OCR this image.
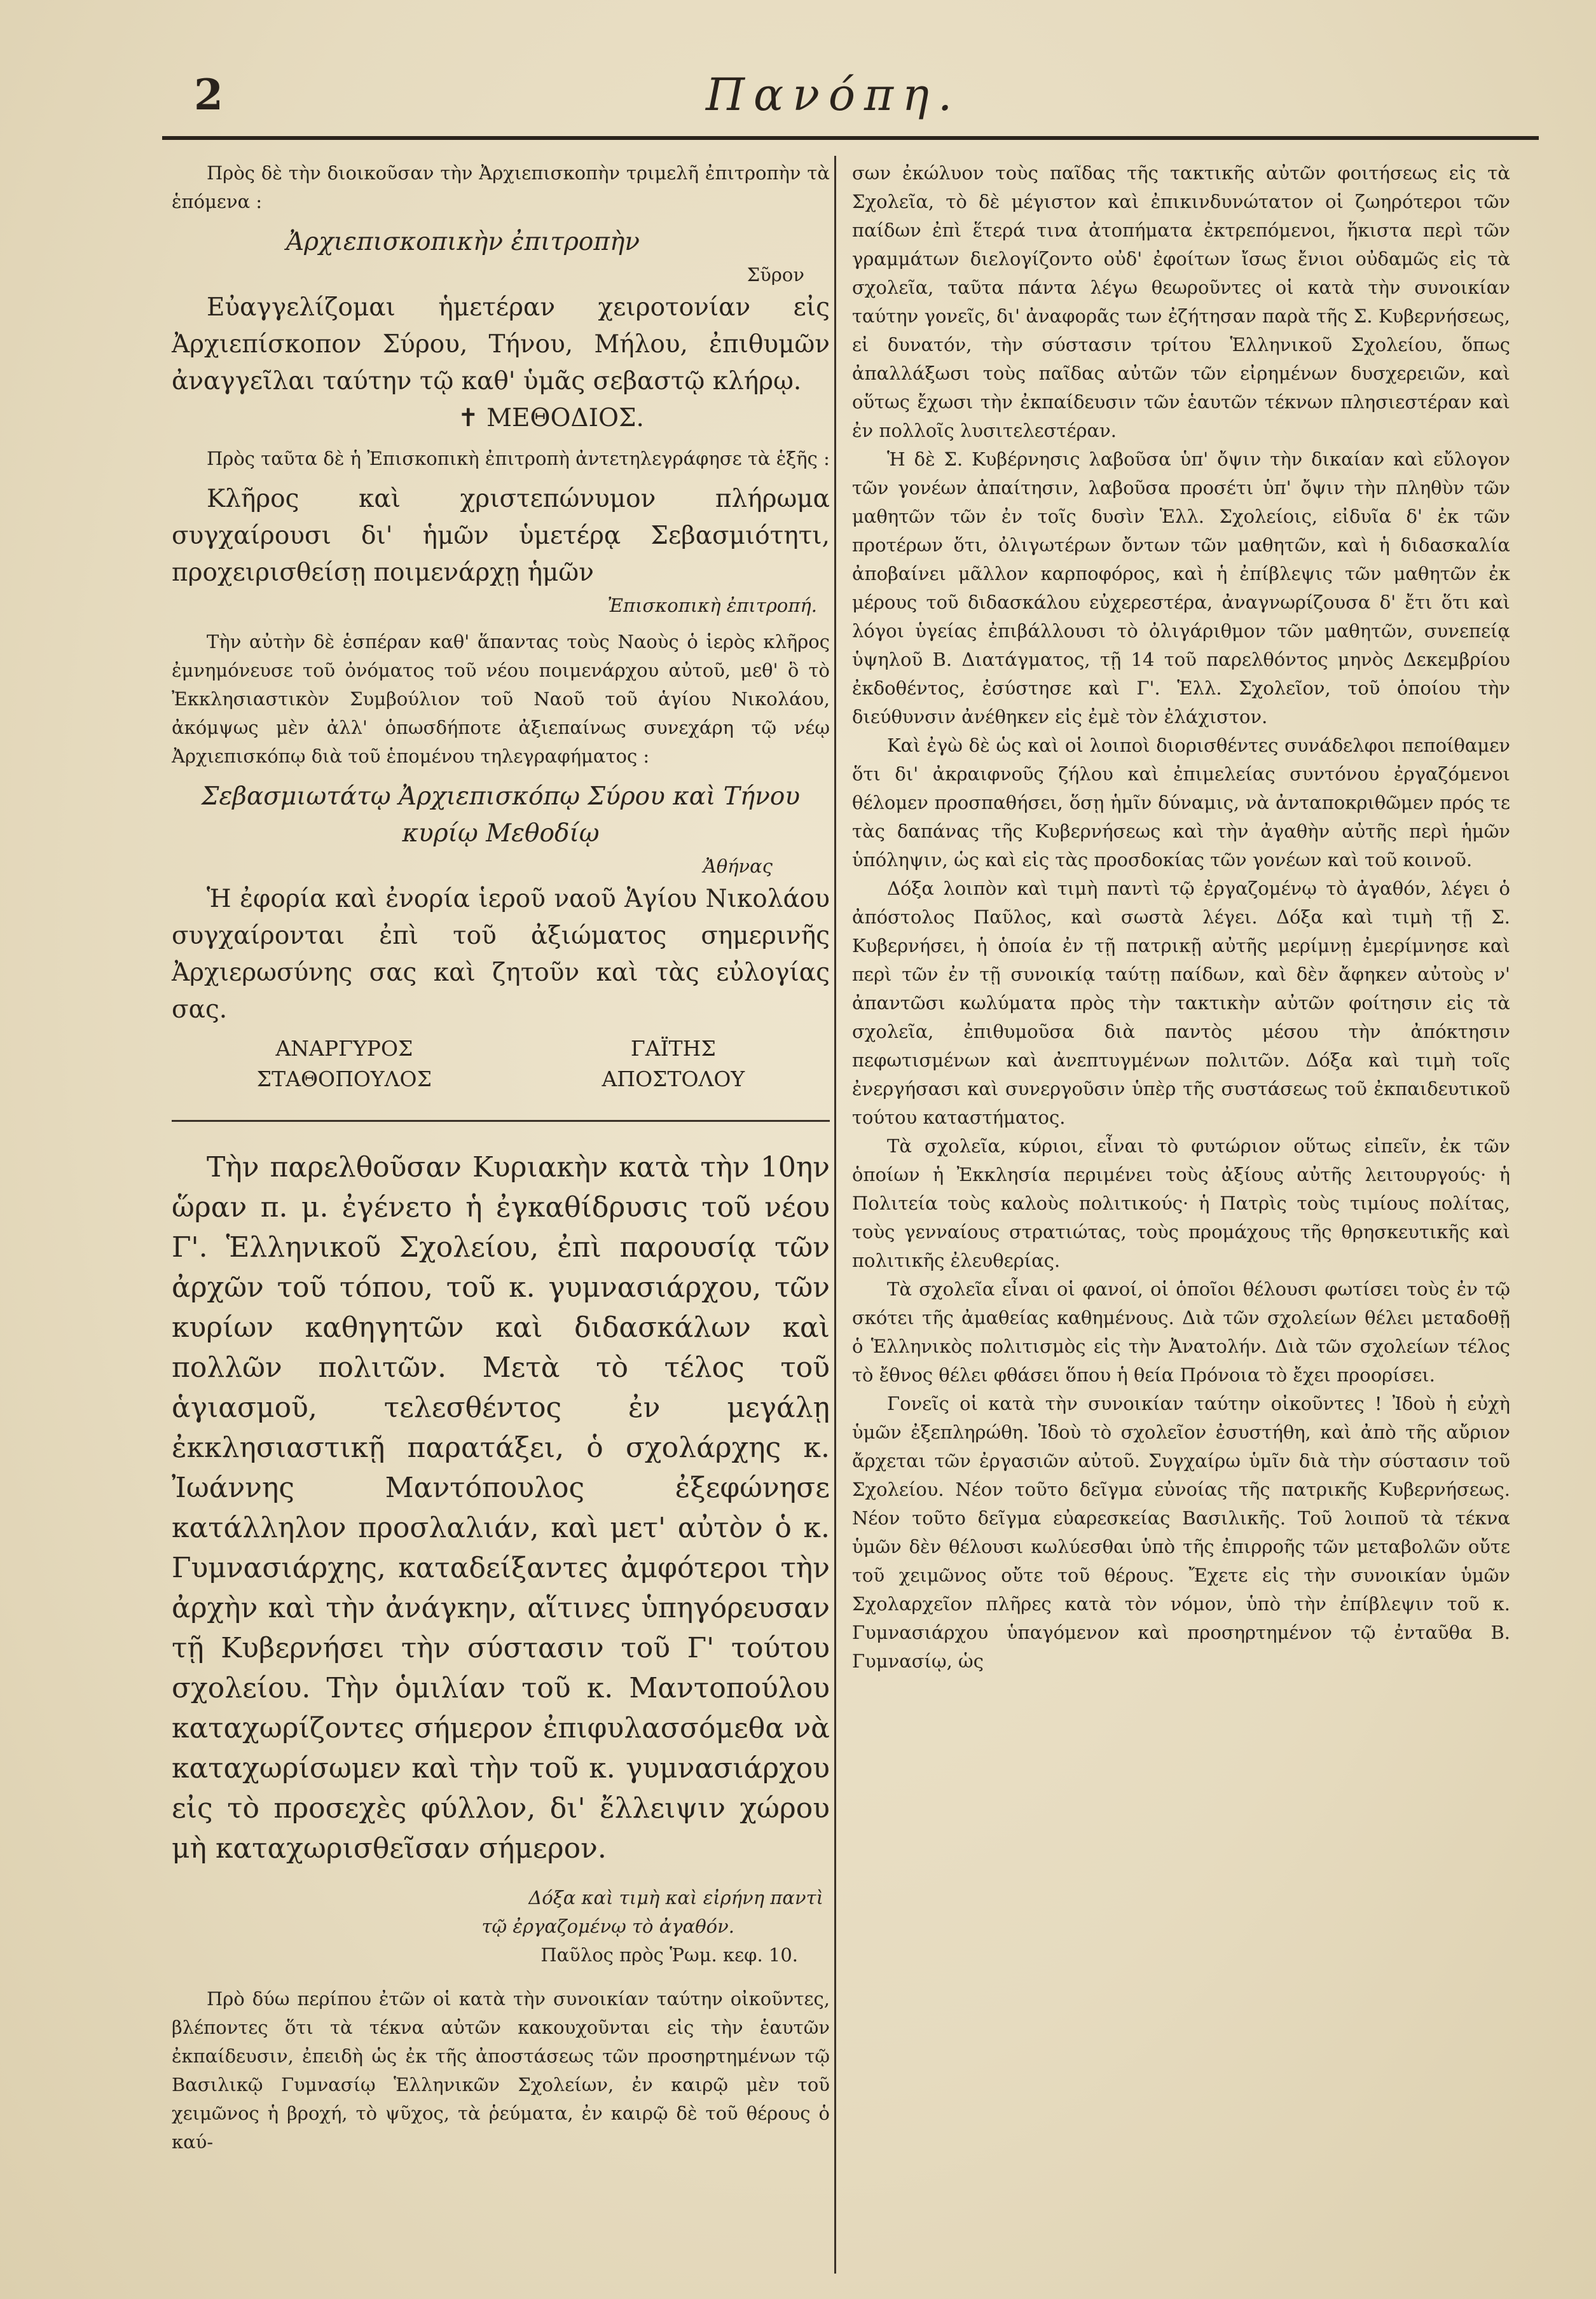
2	Πανόπη.

Πρὸς δὲ τὴν διοικοῦσαν τὴν Ἀρχιεπισκοπὴν τριμελῆ ἐπιτροπὴν τὰ ἑπόμενα :

Ἀρχιεπισκοπικὴν ἐπιτροπὴν

Σῦρον

Εὐαγγελίζομαι ἡμετέραν χειροτονίαν εἰς Ἀρχιεπίσκοπον Σύρου, Τήνου, Μήλου, ἐπιθυμῶν ἀναγγεῖλαι ταύτην τῷ καθ' ὑμᾶς σεβαστῷ κλήρῳ.

✝ ΜΕΘΟΔΙΟΣ.

Πρὸς ταῦτα δὲ ἡ Ἐπισκοπικὴ ἐπιτροπὴ ἀντετηλεγράφησε τὰ ἑξῆς :

Κλῆρος καὶ χριστεπώνυμον πλήρωμα συγχαίρουσι δι' ἡμῶν ὑμετέρᾳ Σεβασμιότητι, προχειρισθείσῃ ποιμενάρχῃ ἡμῶν

Ἐπισκοπικὴ ἐπιτροπή.

Τὴν αὐτὴν δὲ ἑσπέραν καθ' ἅπαντας τοὺς Ναοὺς ὁ ἱερὸς κλῆρος ἐμνημόνευσε τοῦ ὀνόματος τοῦ νέου ποιμενάρχου αὐτοῦ, μεθ' ὃ τὸ Ἐκκλησιαστικὸν Συμβούλιον τοῦ Ναοῦ τοῦ ἁγίου Νικολάου, ἀκόμψως μὲν ἀλλ' ὁπωσδήποτε ἀξιεπαίνως συνεχάρη τῷ νέῳ Ἀρχιεπισκόπῳ διὰ τοῦ ἑπομένου τηλεγραφήματος :

Σεβασμιωτάτῳ Ἀρχιεπισκόπῳ Σύρου καὶ Τήνου

κυρίῳ Μεθοδίῳ

Ἀθήνας

Ἡ ἐφορία καὶ ἐνορία ἱεροῦ ναοῦ Ἁγίου Νικολάου συγχαίρονται ἐπὶ τοῦ ἀξιώματος σημερινῆς Ἀρχιερωσύνης σας καὶ ζητοῦν καὶ τὰς εὐλογίας σας.

ΑΝΑΡΓΥΡΟΣ
ΣΤΑΘΟΠΟΥΛΟΣ
ΓΑΪΤΗΣ
ΑΠΟΣΤΟΛΟΥ

Τὴν παρελθοῦσαν Κυριακὴν κατὰ τὴν 10ην ὥραν π. μ. ἐγένετο ἡ ἐγκαθίδρυσις τοῦ νέου Γ'. Ἑλληνικοῦ Σχολείου, ἐπὶ παρουσίᾳ τῶν ἀρχῶν τοῦ τόπου, τοῦ κ. γυμνασιάρχου, τῶν κυρίων καθηγητῶν καὶ διδασκάλων καὶ πολλῶν πολιτῶν. Μετὰ τὸ τέλος τοῦ ἁγιασμοῦ, τελεσθέντος ἐν μεγάλῃ ἐκκλησιαστικῇ παρατάξει, ὁ σχολάρχης κ. Ἰωάννης Μαντόπουλος ἐξεφώνησε κατάλληλον προσλαλιάν, καὶ μετ' αὐτὸν ὁ κ. Γυμνασιάρχης, καταδείξαντες ἀμφότεροι τὴν ἀρχὴν καὶ τὴν ἀνάγκην, αἵτινες ὑπηγόρευσαν τῇ Κυβερνήσει τὴν σύστασιν τοῦ Γ' τούτου σχολείου. Τὴν ὁμιλίαν τοῦ κ. Μαντοπούλου καταχωρίζοντες σήμερον ἐπιφυλασσόμεθα νὰ καταχωρίσωμεν καὶ τὴν τοῦ κ. γυμνασιάρχου εἰς τὸ προσεχὲς φύλλον, δι' ἔλλειψιν χώρου μὴ καταχωρισθεῖσαν σήμερον.

Δόξα καὶ τιμὴ καὶ εἰρήνη παντὶ

τῷ ἐργαζομένῳ τὸ ἀγαθόν.

Παῦλος πρὸς Ῥωμ. κεφ. 10.

Πρὸ δύω περίπου ἐτῶν οἱ κατὰ τὴν συνοικίαν ταύτην οἰκοῦντες, βλέποντες ὅτι τὰ τέκνα αὐτῶν κακουχοῦνται εἰς τὴν ἑαυτῶν ἐκπαίδευσιν, ἐπειδὴ ὡς ἐκ τῆς ἀποστάσεως τῶν προσηρτημένων τῷ Βασιλικῷ Γυμνασίῳ Ἑλληνικῶν Σχολείων, ἐν καιρῷ μὲν τοῦ χειμῶνος ἡ βροχή, τὸ ψῦχος, τὰ ῥεύματα, ἐν καιρῷ δὲ τοῦ θέρους ὁ καύ-

σων ἐκώλυον τοὺς παῖδας τῆς τακτικῆς αὐτῶν φοιτήσεως εἰς τὰ Σχολεῖα, τὸ δὲ μέγιστον καὶ ἐπικινδυνώτατον οἱ ζωηρότεροι τῶν παίδων ἐπὶ ἕτερά τινα ἀτοπήματα ἐκτρεπόμενοι, ἥκιστα περὶ τῶν γραμμάτων διελογίζοντο οὐδ' ἐφοίτων ἴσως ἔνιοι οὐδαμῶς εἰς τὰ σχολεῖα, ταῦτα πάντα λέγω θεωροῦντες οἱ κατὰ τὴν συνοικίαν ταύτην γονεῖς, δι' ἀναφορᾶς των ἐζήτησαν παρὰ τῆς Σ. Κυβερνήσεως, εἰ δυνατόν, τὴν σύστασιν τρίτου Ἑλληνικοῦ Σχολείου, ὅπως ἀπαλλάξωσι τοὺς παῖδας αὐτῶν τῶν εἰρημένων δυσχερειῶν, καὶ οὕτως ἔχωσι τὴν ἐκπαίδευσιν τῶν ἑαυτῶν τέκνων πλησιεστέραν καὶ ἐν πολλοῖς λυσιτελεστέραν.

Ἡ δὲ Σ. Κυβέρνησις λαβοῦσα ὑπ' ὄψιν τὴν δικαίαν καὶ εὔλογον τῶν γονέων ἀπαίτησιν, λαβοῦσα προσέτι ὑπ' ὄψιν τὴν πληθὺν τῶν μαθητῶν τῶν ἐν τοῖς δυσὶν Ἑλλ. Σχολείοις, εἰδυῖα δ' ἐκ τῶν προτέρων ὅτι, ὀλιγωτέρων ὄντων τῶν μαθητῶν, καὶ ἡ διδασκαλία ἀποβαίνει μᾶλλον καρποφόρος, καὶ ἡ ἐπίβλεψις τῶν μαθητῶν ἐκ μέρους τοῦ διδασκάλου εὐχερεστέρα, ἀναγνωρίζουσα δ' ἔτι ὅτι καὶ λόγοι ὑγείας ἐπιβάλλουσι τὸ ὀλιγάριθμον τῶν μαθητῶν, συνεπείᾳ ὑψηλοῦ Β. Διατάγματος, τῇ 14 τοῦ παρελθόντος μηνὸς Δεκεμβρίου ἐκδοθέντος, ἐσύστησε καὶ Γ'. Ἑλλ. Σχολεῖον, τοῦ ὁποίου τὴν διεύθυνσιν ἀνέθηκεν εἰς ἐμὲ τὸν ἐλάχιστον.

Καὶ ἐγὼ δὲ ὡς καὶ οἱ λοιποὶ διορισθέντες συνάδελφοι πεποίθαμεν ὅτι δι' ἀκραιφνοῦς ζήλου καὶ ἐπιμελείας συντόνου ἐργαζόμενοι θέλομεν προσπαθήσει, ὅσῃ ἡμῖν δύναμις, νὰ ἀνταποκριθῶμεν πρός τε τὰς δαπάνας τῆς Κυβερνήσεως καὶ τὴν ἀγαθὴν αὐτῆς περὶ ἡμῶν ὑπόληψιν, ὡς καὶ εἰς τὰς προσδοκίας τῶν γονέων καὶ τοῦ κοινοῦ.

Δόξα λοιπὸν καὶ τιμὴ παντὶ τῷ ἐργαζομένῳ τὸ ἀγαθόν, λέγει ὁ ἀπόστολος Παῦλος, καὶ σωστὰ λέγει. Δόξα καὶ τιμὴ τῇ Σ. Κυβερνήσει, ἡ ὁποία ἐν τῇ πατρικῇ αὐτῆς μερίμνῃ ἐμερίμνησε καὶ περὶ τῶν ἐν τῇ συνοικίᾳ ταύτῃ παίδων, καὶ δὲν ἄφηκεν αὐτοὺς ν' ἀπαντῶσι κωλύματα πρὸς τὴν τακτικὴν αὐτῶν φοίτησιν εἰς τὰ σχολεῖα, ἐπιθυμοῦσα διὰ παντὸς μέσου τὴν ἀπόκτησιν πεφωτισμένων καὶ ἀνεπτυγμένων πολιτῶν. Δόξα καὶ τιμὴ τοῖς ἐνεργήσασι καὶ συνεργοῦσιν ὑπὲρ τῆς συστάσεως τοῦ ἐκπαιδευτικοῦ τούτου καταστήματος.

Τὰ σχολεῖα, κύριοι, εἶναι τὸ φυτώριον οὕτως εἰπεῖν, ἐκ τῶν ὁποίων ἡ Ἐκκλησία περιμένει τοὺς ἀξίους αὐτῆς λειτουργούς· ἡ Πολιτεία τοὺς καλοὺς πολιτικούς· ἡ Πατρὶς τοὺς τιμίους πολίτας, τοὺς γενναίους στρατιώτας, τοὺς προμάχους τῆς θρησκευτικῆς καὶ πολιτικῆς ἐλευθερίας.

Τὰ σχολεῖα εἶναι οἱ φανοί, οἱ ὁποῖοι θέλουσι φωτίσει τοὺς ἐν τῷ σκότει τῆς ἀμαθείας καθημένους. Διὰ τῶν σχολείων θέλει μεταδοθῇ ὁ Ἑλληνικὸς πολιτισμὸς εἰς τὴν Ἀνατολήν. Διὰ τῶν σχολείων τέλος τὸ ἔθνος θέλει φθάσει ὅπου ἡ θεία Πρόνοια τὸ ἔχει προορίσει.

Γονεῖς οἱ κατὰ τὴν συνοικίαν ταύτην οἰκοῦντες ! Ἰδοὺ ἡ εὐχὴ ὑμῶν ἐξεπληρώθη. Ἰδοὺ τὸ σχολεῖον ἐσυστήθη, καὶ ἀπὸ τῆς αὔριον ἄρχεται τῶν ἐργασιῶν αὐτοῦ. Συγχαίρω ὑμῖν διὰ τὴν σύστασιν τοῦ Σχολείου. Νέον τοῦτο δεῖγμα εὐνοίας τῆς πατρικῆς Κυβερνήσεως. Νέον τοῦτο δεῖγμα εὐαρεσκείας Βασιλικῆς. Τοῦ λοιποῦ τὰ τέκνα ὑμῶν δὲν θέλουσι κωλύεσθαι ὑπὸ τῆς ἐπιρροῆς τῶν μεταβολῶν οὔτε τοῦ χειμῶνος οὔτε τοῦ θέρους. Ἔχετε εἰς τὴν συνοικίαν ὑμῶν Σχολαρχεῖον πλῆρες κατὰ τὸν νόμον, ὑπὸ τὴν ἐπίβλεψιν τοῦ κ. Γυμνασιάρχου ὑπαγόμενον καὶ προσηρτημένον τῷ ἐνταῦθα Β. Γυμνασίῳ, ὡς
